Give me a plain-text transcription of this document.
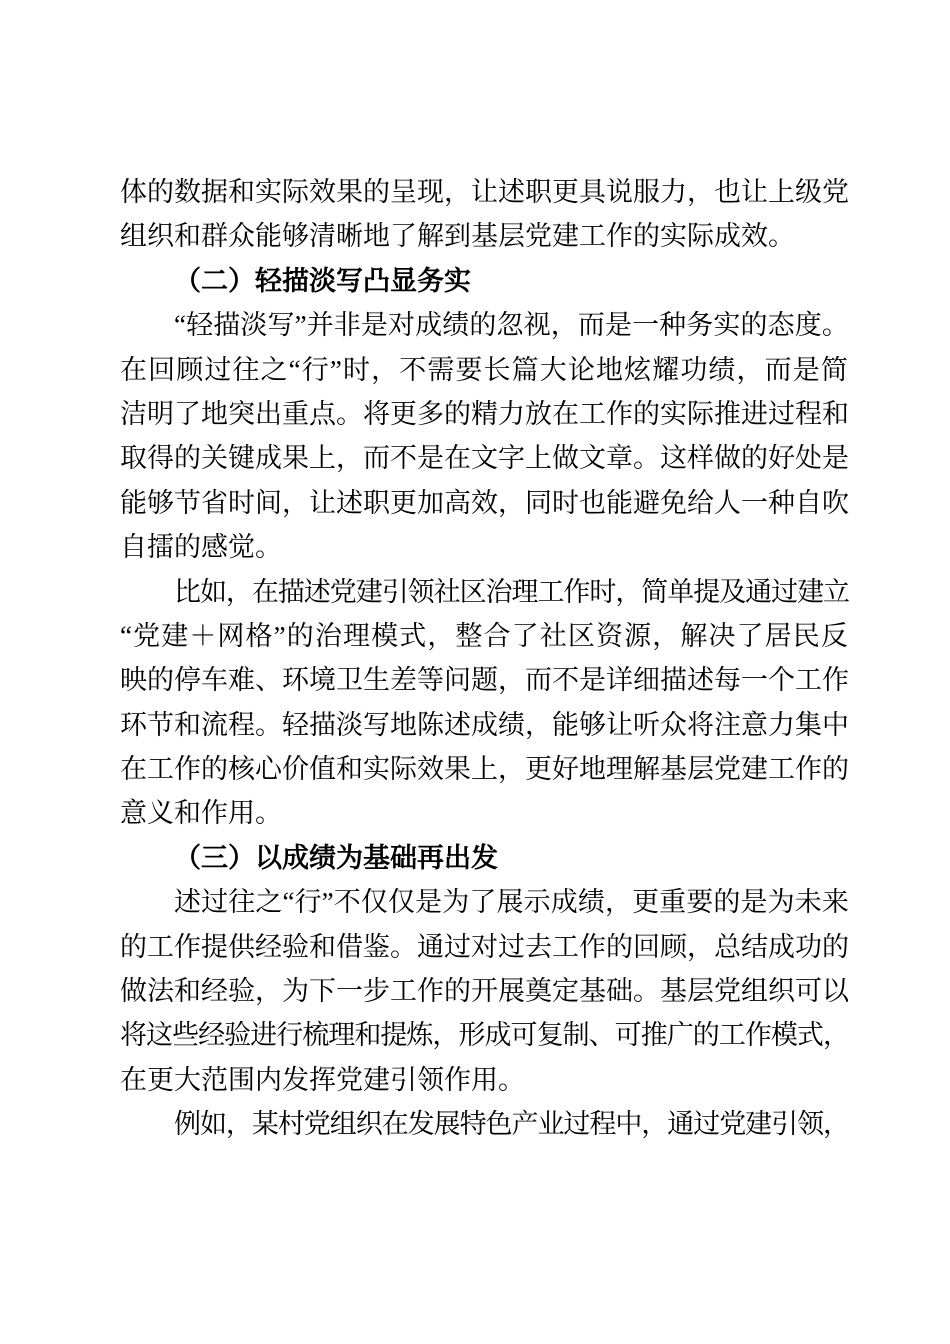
体的数据和实际效果的呈现，让述职更具说服力，也让上级党
组织和群众能够清晰地了解到基层党建工作的实际成效。
（二）轻描淡写凸显务实
“轻描淡写”并非是对成绩的忽视，而是一种务实的态度。
在回顾过往之“行”时，不需要长篇大论地炫耀功绩，而是简
洁明了地突出重点。将更多的精力放在工作的实际推进过程和
取得的关键成果上，而不是在文字上做文章。这样做的好处是
能够节省时间，让述职更加高效，同时也能避免给人一种自吹
自擂的感觉。
比如，在描述党建引领社区治理工作时，简单提及通过建立
“党建＋网格”的治理模式，整合了社区资源，解决了居民反
映的停车难、环境卫生差等问题，而不是详细描述每一个工作
环节和流程。轻描淡写地陈述成绩，能够让听众将注意力集中
在工作的核心价值和实际效果上，更好地理解基层党建工作的
意义和作用。
（三）以成绩为基础再出发
述过往之“行”不仅仅是为了展示成绩，更重要的是为未来
的工作提供经验和借鉴。通过对过去工作的回顾，总结成功的
做法和经验，为下一步工作的开展奠定基础。基层党组织可以
将这些经验进行梳理和提炼，形成可复制、可推广的工作模式，
在更大范围内发挥党建引领作用。
例如，某村党组织在发展特色产业过程中，通过党建引领，
